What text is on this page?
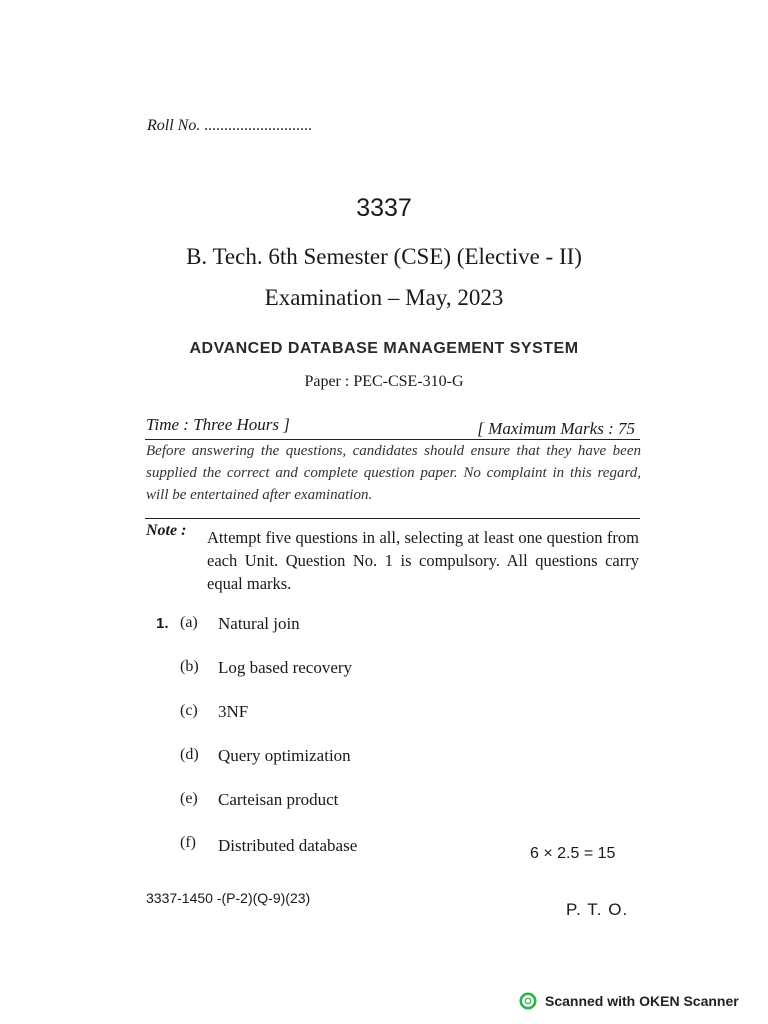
Roll No. ...........................
3337
B. Tech. 6th Semester (CSE) (Elective - II)
Examination – May, 2023
ADVANCED DATABASE MANAGEMENT SYSTEM
Paper : PEC-CSE-310-G
Time : Three Hours ]	[ Maximum Marks : 75
Before answering the questions, candidates should ensure that they have been supplied the correct and complete question paper. No complaint in this regard, will be entertained after examination.
Note : Attempt five questions in all, selecting at least one question from each Unit. Question No. 1 is compulsory. All questions carry equal marks.
1. (a) Natural join
(b) Log based recovery
(c) 3NF
(d) Query optimization
(e) Carteisan product
(f) Distributed database	6 × 2.5 = 15
3337-1450 -(P-2)(Q-9)(23)
P. T. O.
Scanned with OKEN Scanner
